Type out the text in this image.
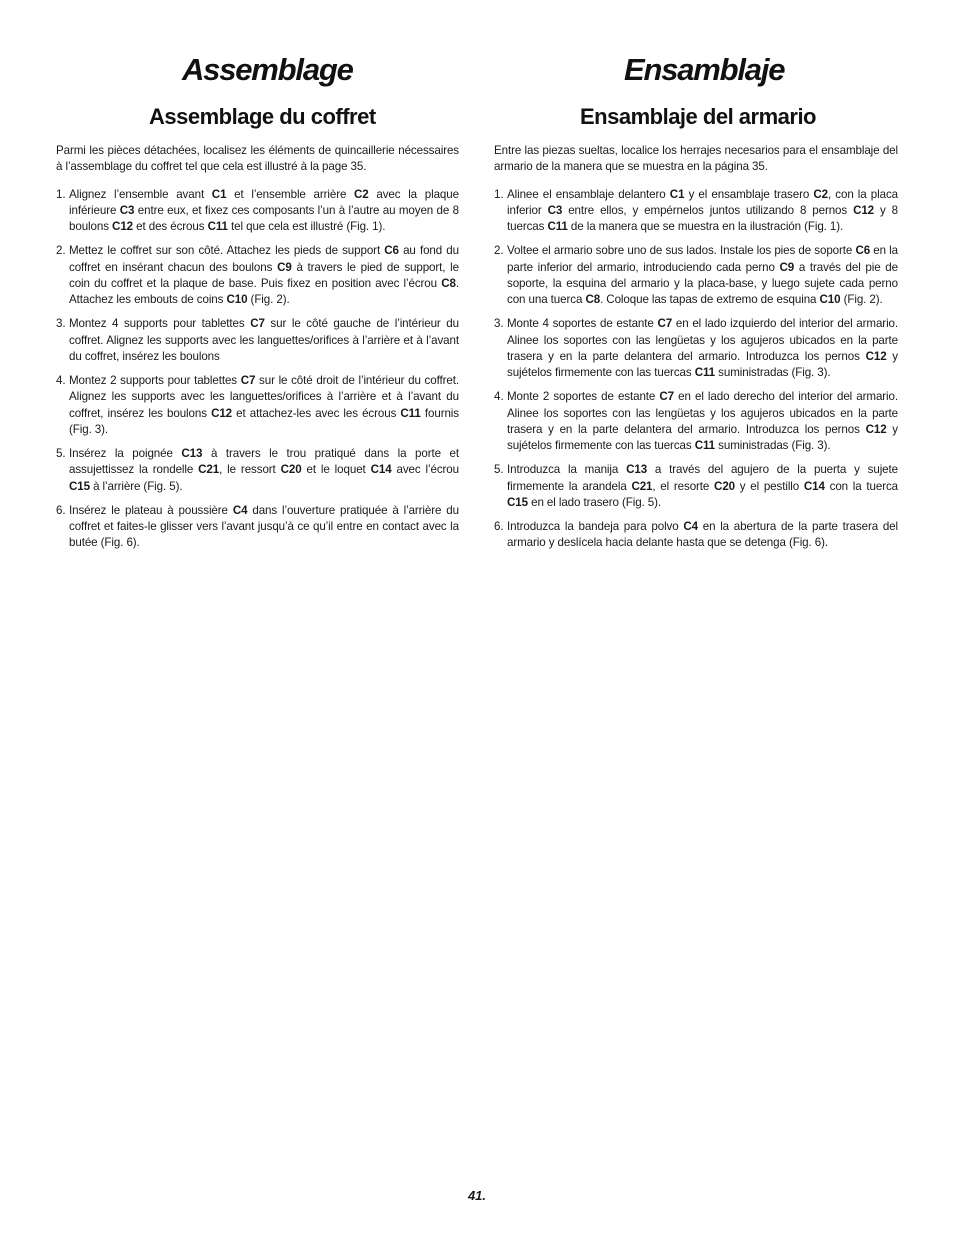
Assemblage
Assemblage du coffret

Parmi les pièces détachées, localisez les éléments de quincaillerie nécessaires à l’assemblage du coffret tel que cela est illustré à la page 35.

1. Alignez l’ensemble avant C1 et l’ensemble arrière C2 avec la plaque inférieure C3 entre eux, et fixez ces composants l’un à l’autre au moyen de 8 boulons C12 et des écrous C11 tel que cela est illustré (Fig. 1).
2. Mettez le coffret sur son côté. Attachez les pieds de support C6 au fond du coffret en insérant chacun des boulons C9 à travers le pied de support, le coin du coffret et la plaque de base. Puis fixez en position avec l’écrou C8. Attachez les embouts de coins C10 (Fig. 2).
3. Montez 4 supports pour tablettes C7 sur le côté gauche de l’intérieur du coffret. Alignez les supports avec les languettes/orifices à l’arrière et à l’avant du coffret, insérez les boulons
4. Montez 2 supports pour tablettes C7 sur le côté droit de l’intérieur du coffret. Alignez les supports avec les languettes/orifices à l’arrière et à l’avant du coffret, insérez les boulons C12 et attachez-les avec les écrous C11 fournis (Fig. 3).
5. Insérez la poignée C13 à travers le trou pratiqué dans la porte et assujettissez la rondelle C21, le ressort C20 et le loquet C14 avec l’écrou C15 à l’arrière (Fig. 5).
6. Insérez le plateau à poussière C4 dans l’ouverture pratiquée à l’arrière du coffret et faites-le glisser vers l’avant jusqu’à ce qu’il entre en contact avec la butée (Fig. 6).
Ensamblaje
Ensamblaje del armario

Entre las piezas sueltas, localice los herrajes necesarios para el ensamblaje del armario de la manera que se muestra en la página 35.

1. Alinee el ensamblaje delantero C1 y el ensamblaje trasero C2, con la placa inferior C3 entre ellos, y empérnelos juntos utilizando 8 pernos C12 y 8 tuercas C11 de la manera que se muestra en la ilustración (Fig. 1).
2. Voltee el armario sobre uno de sus lados. Instale los pies de soporte C6 en la parte inferior del armario, introduciendo cada perno C9 a través del pie de soporte, la esquina del armario y la placa-base, y luego sujete cada perno con una tuerca C8. Coloque las tapas de extremo de esquina C10 (Fig. 2).
3. Monte 4 soportes de estante C7 en el lado izquierdo del interior del armario. Alinee los soportes con las lengüetas y los agujeros ubicados en la parte trasera y en la parte delantera del armario. Introduzca los pernos C12 y sujételos firmemente con las tuercas C11 suministradas (Fig. 3).
4. Monte 2 soportes de estante C7 en el lado derecho del interior del armario. Alinee los soportes con las lengüetas y los agujeros ubicados en la parte trasera y en la parte delantera del armario. Introduzca los pernos C12 y sujételos firmemente con las tuercas C11 suministradas (Fig. 3).
5. Introduzca la manija C13 a través del agujero de la puerta y sujete firmemente la arandela C21, el resorte C20 y el pestillo C14 con la tuerca C15 en el lado trasero (Fig. 5).
6. Introduzca la bandeja para polvo C4 en la abertura de la parte trasera del armario y deslícela hacia delante hasta que se detenga (Fig. 6).
41.
